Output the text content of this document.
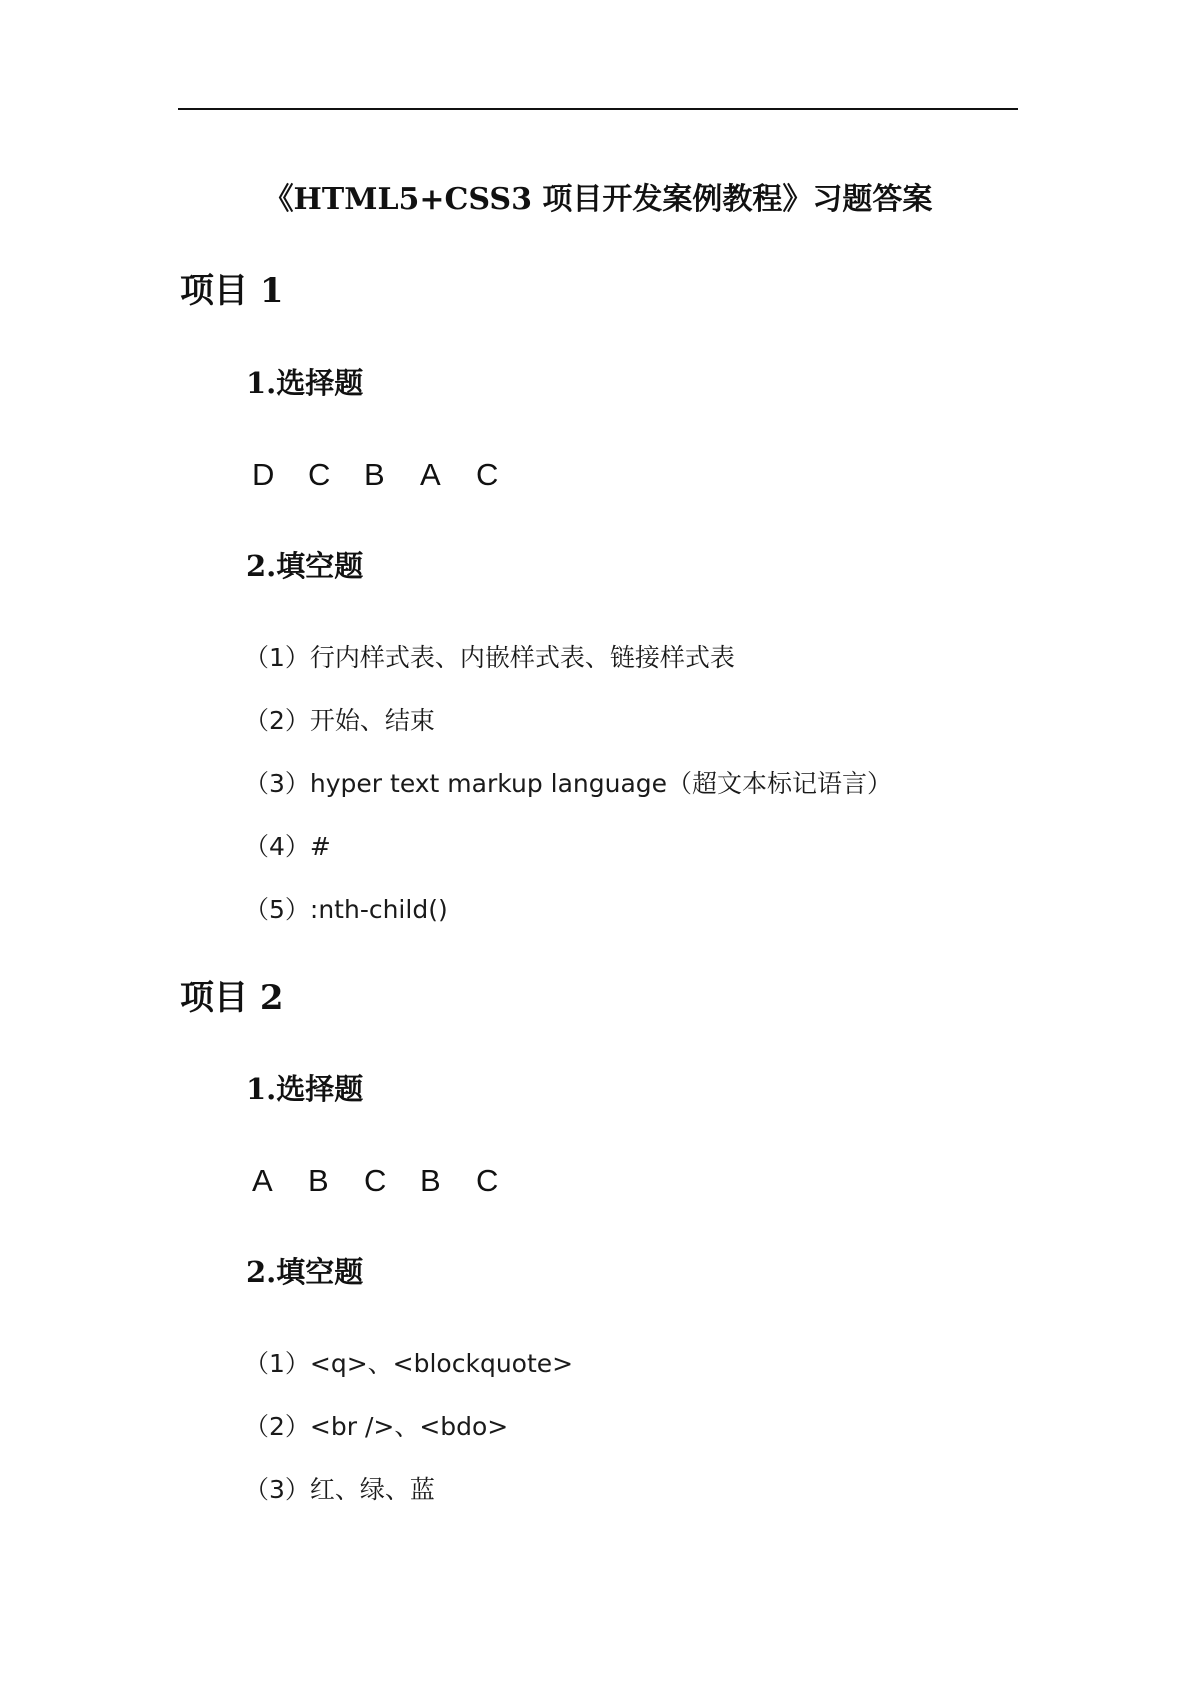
《HTML5+CSS3 项目开发案例教程》习题答案
项目 1
1.选择题
D C B A C
2.填空题
（1）行内样式表、内嵌样式表、链接样式表
（2）开始、结束
（3）hyper text markup language（超文本标记语言）
（4）#
（5）:nth-child()
项目 2
1.选择题
A B C B C
2.填空题
（1）<q>、<blockquote>
（2）<br />、<bdo>
（3）红、绿、蓝
